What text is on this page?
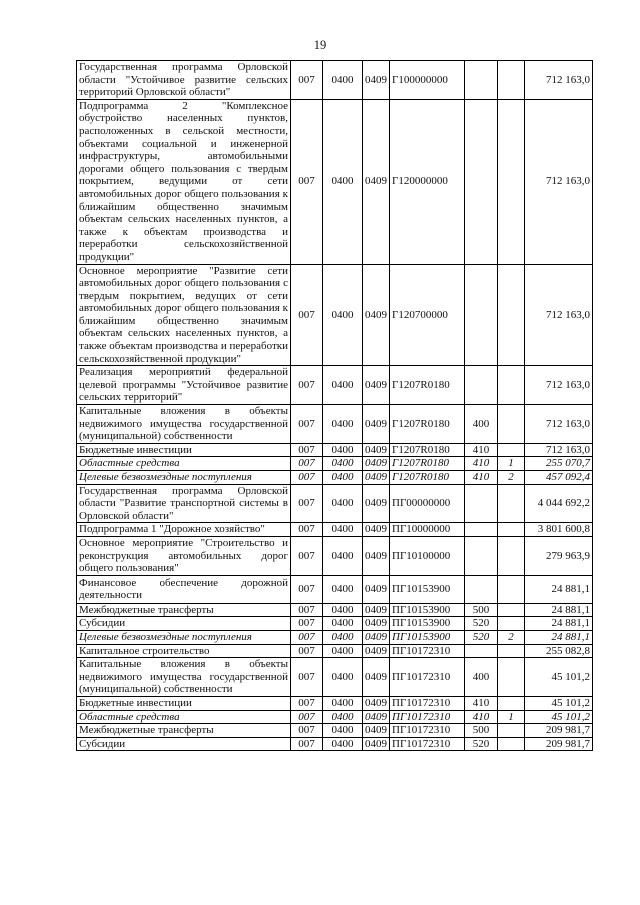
19
Государственная программа Орловской области "Устойчивое развитие сельских территорий Орловской области"	007	0400	0409	Г100000000			712 163,0
Подпрограмма 2 "Комплексное обустройство населенных пунктов, расположенных в сельской местности, объектами социальной и инженерной инфраструктуры, автомобильными дорогами общего пользования с твердым покрытием, ведущими от сети автомобильных дорог общего пользования к ближайшим общественно значимым объектам сельских населенных пунктов, а также к объектам производства и переработки сельскохозяйственной продукции"	007	0400	0409	Г120000000			712 163,0
Основное мероприятие "Развитие сети автомобильных дорог общего пользования с твердым покрытием, ведущих от сети автомобильных дорог общего пользования к ближайшим общественно значимым объектам сельских населенных пунктов, а также объектам производства и переработки сельскохозяйственной продукции"	007	0400	0409	Г120700000			712 163,0
Реализация мероприятий федеральной целевой программы "Устойчивое развитие сельских территорий"	007	0400	0409	Г1207R0180			712 163,0
Капитальные вложения в объекты недвижимого имущества государственной (муниципальной) собственности	007	0400	0409	Г1207R0180	400		712 163,0
Бюджетные инвестиции	007	0400	0409	Г1207R0180	410		712 163,0
Областные средства	007	0400	0409	Г1207R0180	410	1	255 070,7
Целевые безвозмездные поступления	007	0400	0409	Г1207R0180	410	2	457 092,4
Государственная программа Орловской области "Развитие транспортной системы в Орловской области"	007	0400	0409	ПГ00000000			4 044 692,2
Подпрограмма 1 "Дорожное хозяйство"	007	0400	0409	ПГ10000000			3 801 600,8
Основное мероприятие "Строительство и реконструкция автомобильных дорог общего пользования"	007	0400	0409	ПГ10100000			279 963,9
Финансовое обеспечение дорожной деятельности	007	0400	0409	ПГ10153900			24 881,1
Межбюджетные трансферты	007	0400	0409	ПГ10153900	500		24 881,1
Субсидии	007	0400	0409	ПГ10153900	520		24 881,1
Целевые безвозмездные поступления	007	0400	0409	ПГ10153900	520	2	24 881,1
Капитальное строительство	007	0400	0409	ПГ10172310			255 082,8
Капитальные вложения в объекты недвижимого имущества государственной (муниципальной) собственности	007	0400	0409	ПГ10172310	400		45 101,2
Бюджетные инвестиции	007	0400	0409	ПГ10172310	410		45 101,2
Областные средства	007	0400	0409	ПГ10172310	410	1	45 101,2
Межбюджетные трансферты	007	0400	0409	ПГ10172310	500		209 981,7
Субсидии	007	0400	0409	ПГ10172310	520		209 981,7
